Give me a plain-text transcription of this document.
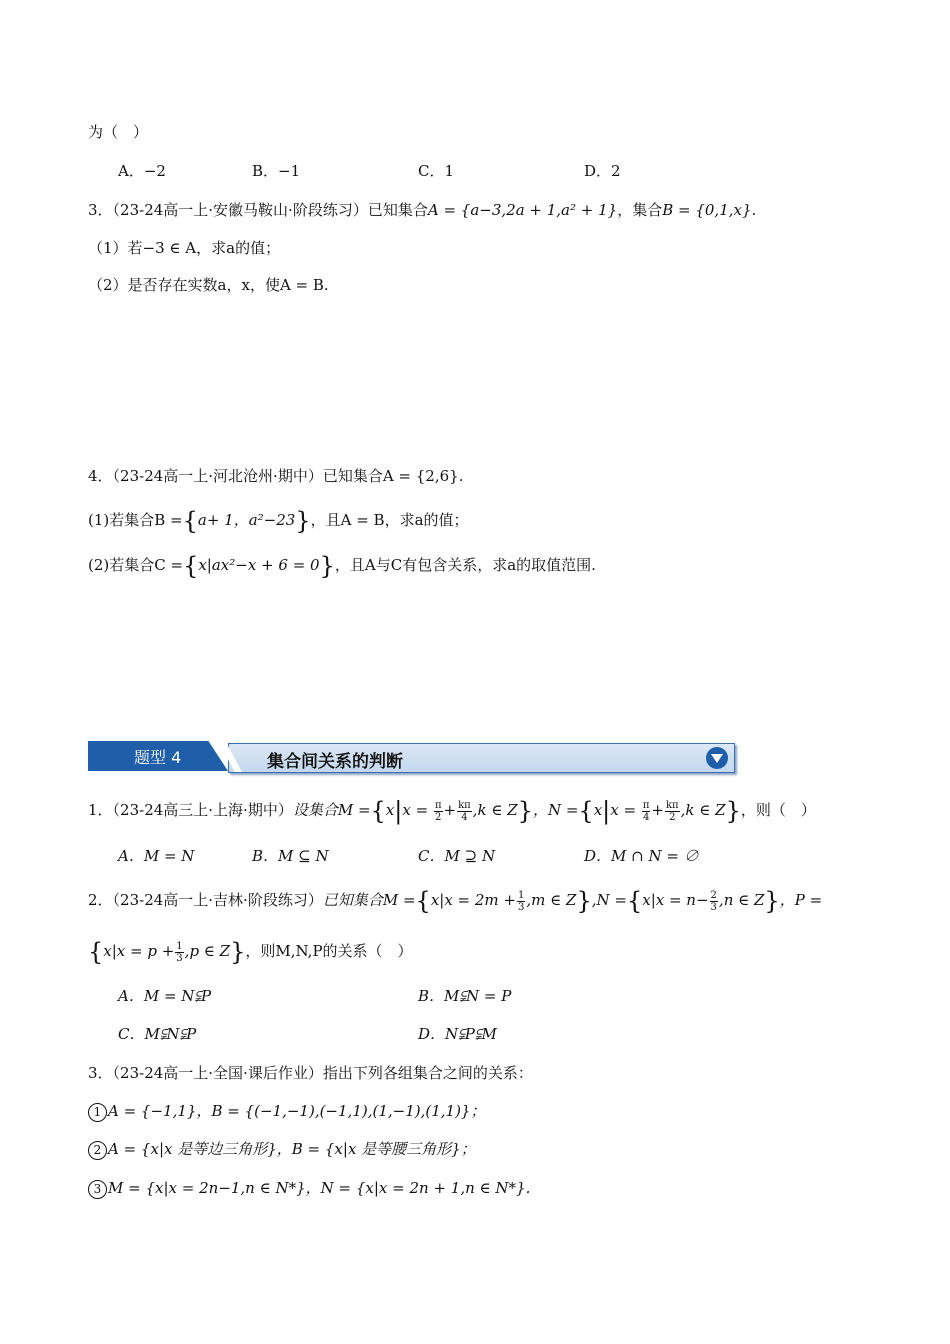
为（　）
A．−2	B．−1	C．1	D．2
3．（23-24高一上·安徽马鞍山·阶段练习）已知集合A = {a−3,2a + 1,a² + 1}，集合B = {0,1,x}.
（1）若−3 ∈ A，求a的值；
（2）是否存在实数a，x，使A = B.
4．（23-24高一上·河北沧州·期中）已知集合A = {2,6}.
(1)若集合B ={a+ 1，a²−23}，且A = B，求a的值；
(2)若集合C ={x|ax²−x + 6 = 0}，且A与C有包含关系，求a的取值范围.
题型 4	集合间关系的判断
1．（23-24高三上·上海·期中）设集合$M =\{x|x = \frac{\pi}{2} + \frac{k\pi}{4} ,k$ ∈ Z}，$N =\{x|x = \frac{\pi}{4} + \frac{k\pi}{2} ,k$ ∈ Z}，则（　）
A．M = N	B．M ⊆ N	C．M ⊇ N	D．M ∩ N = ∅
2．（23-24高一上·吉林·阶段练习）已知集合$M =\{x|x = 2m + \frac{1}{3} ,m$ ∈ $Z\},N =\{x|x = n- \frac{2}{3} ,n$ ∈ Z}，P =
{$x|x = p + \frac{1}{3} ,p$ ∈ Z}，则M,N,P的关系（　）
A．M = N⫋P	B．M⫋N = P
C．M⫋N⫋P	D．N⫋P⫋M
3．（23-24高一上·全国·课后作业）指出下列各组集合之间的关系：
1 A = {−1,1}，B = {(−1,−1),(−1,1),(1,−1),(1,1)}；
2 A = {x|x 是等边三角形}，B = {x|x 是等腰三角形}；
3 M = {x|x = 2n−1,n ∈ N*}，N = {x|x = 2n + 1,n ∈ N*}.
